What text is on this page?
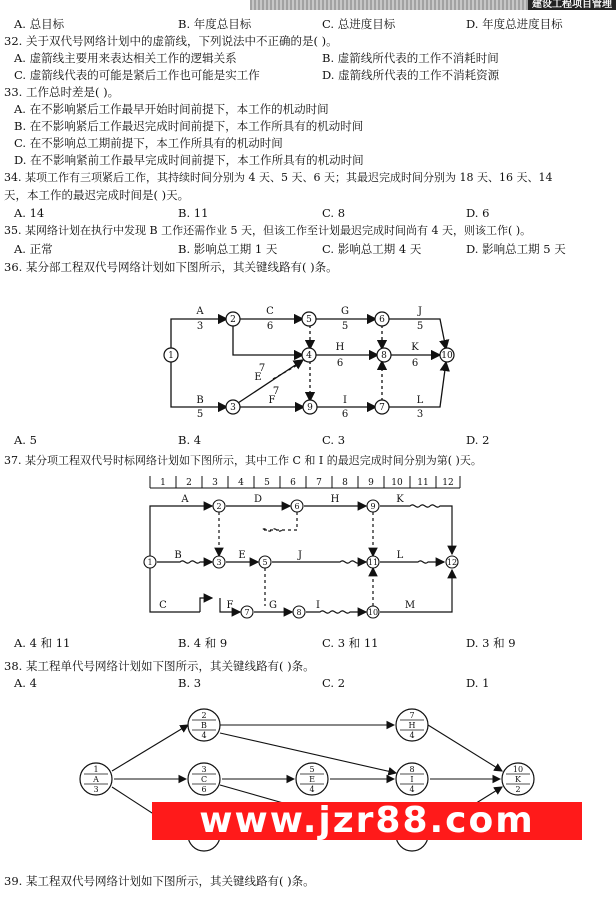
建设工程项目管理
A. 总目标	B. 年度总目标	C. 总进度目标	D. 年度总进度目标
32. 关于双代号网络计划中的虚箭线，下列说法中不正确的是( )。
A. 虚箭线主要用来表达相关工作的逻辑关系	B. 虚箭线所代表的工作不消耗时间
C. 虚箭线代表的可能是紧后工作也可能是实工作	D. 虚箭线所代表的工作不消耗资源
33. 工作总时差是( )。
A. 在不影响紧后工作最早开始时间前提下，本工作的机动时间
B. 在不影响紧后工作最迟完成时间前提下，本工作所具有的机动时间
C. 在不影响总工期前提下，本工作所具有的机动时间
D. 在不影响紧前工作最早完成时间前提下，本工作所具有的机动时间
34. 某项工作有三项紧后工作，其持续时间分别为 4 天、5 天、6 天；其最迟完成时间分别为 18 天、16 天、14
天，本工作的最迟完成时间是( )天。
A. 14	B. 11	C. 8	D. 6
35. 某网络计划在执行中发现 B 工作还需作业 5 天，但该工作至计划最迟完成时间尚有 4 天，则该工作( )。
A. 正常	B. 影响总工期 1 天	C. 影响总工期 4 天	D. 影响总工期 5 天
36. 某分部工程双代号网络计划如下图所示，其关键线路有( )条。
1
2
3
4
5	6
7
8
9
10
A
3
C
6
G
5
J
5
B
5
E
7
F	I
6
L
3
7
H
6
K
6
A. 5	B. 4	C. 3	D. 2
37. 某分项工程双代号时标网络计划如下图所示，其中工作 C 和 I 的最迟完成时间分别为第( )天。
1 2 3 4 5 6 7 8 9 10 11 12
1
2
3	5
6
7	8
9
10
11	12
A	D	H	K
B	E	J	L
C	F	G	I	M
A. 4 和 11	B. 4 和 9	C. 3 和 11	D. 3 和 9
38. 某工程单代号网络计划如下图所示，其关键线路有( )条。
A. 4	B. 3	C. 2	D. 1
1
A
3
2
B
4
3
C
6
5
E
4
7
H
4
8
I
4
10
K
2
www.jzr88.com
39. 某工程双代号网络计划如下图所示，其关键线路有( )条。
